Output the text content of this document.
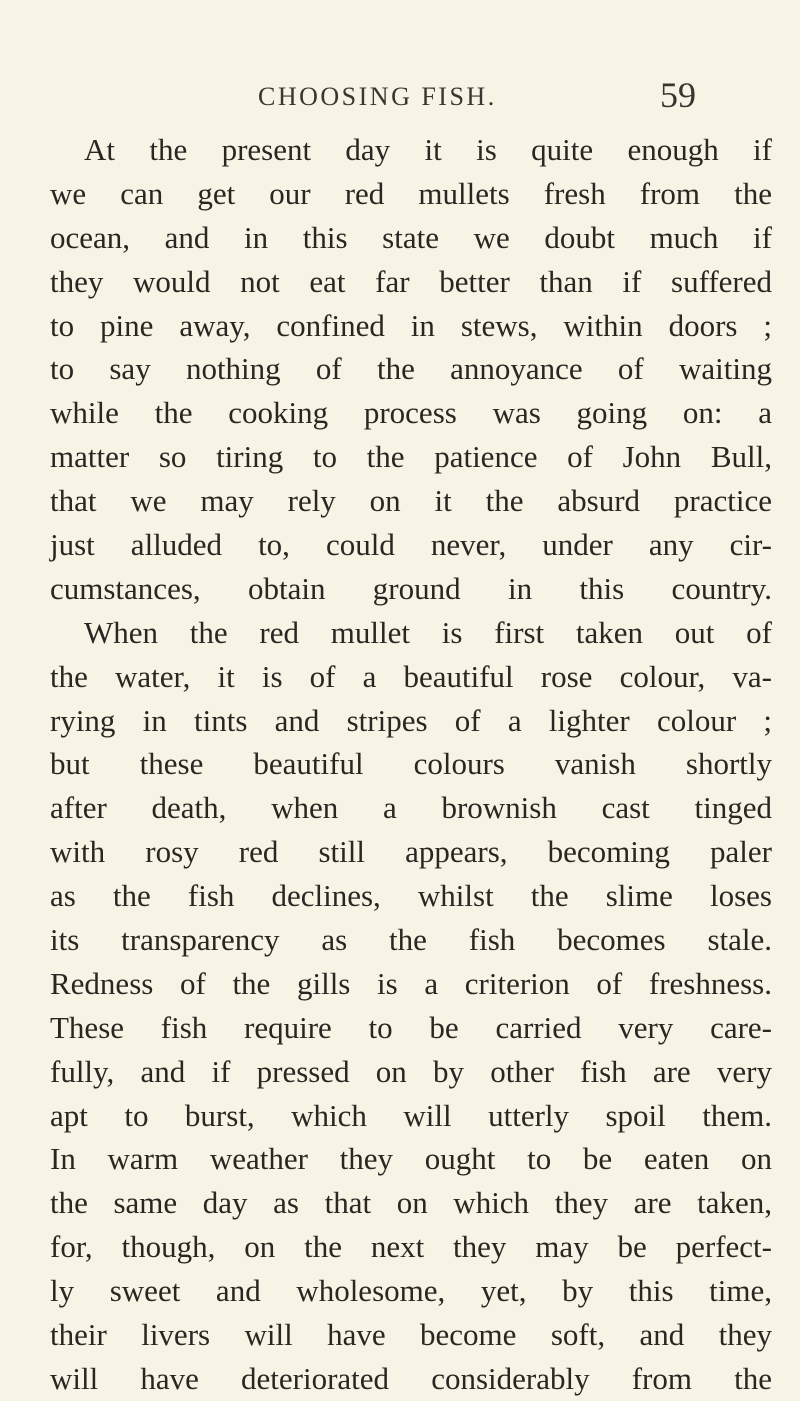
CHOOSING FISH.	59
At the present day it is quite enough if
we can get our red mullets fresh from the
ocean, and in this state we doubt much if
they would not eat far better than if suffered
to pine away, confined in stews, within doors ;
to say nothing of the annoyance of waiting
while the cooking process was going on: a
matter so tiring to the patience of John Bull,
that we may rely on it the absurd practice
just alluded to, could never, under any cir-
cumstances, obtain ground in this country.
When the red mullet is first taken out of
the water, it is of a beautiful rose colour, va-
rying in tints and stripes of a lighter colour ;
but these beautiful colours vanish shortly
after death, when a brownish cast tinged
with rosy red still appears, becoming paler
as the fish declines, whilst the slime loses
its transparency as the fish becomes stale.
Redness of the gills is a criterion of freshness.
These fish require to be carried very care-
fully, and if pressed on by other fish are very
apt to burst, which will utterly spoil them.
In warm weather they ought to be eaten on
the same day as that on which they are taken,
for, though, on the next they may be perfect-
ly sweet and wholesome, yet, by this time,
their livers will have become soft, and they
will have deteriorated considerably from the
